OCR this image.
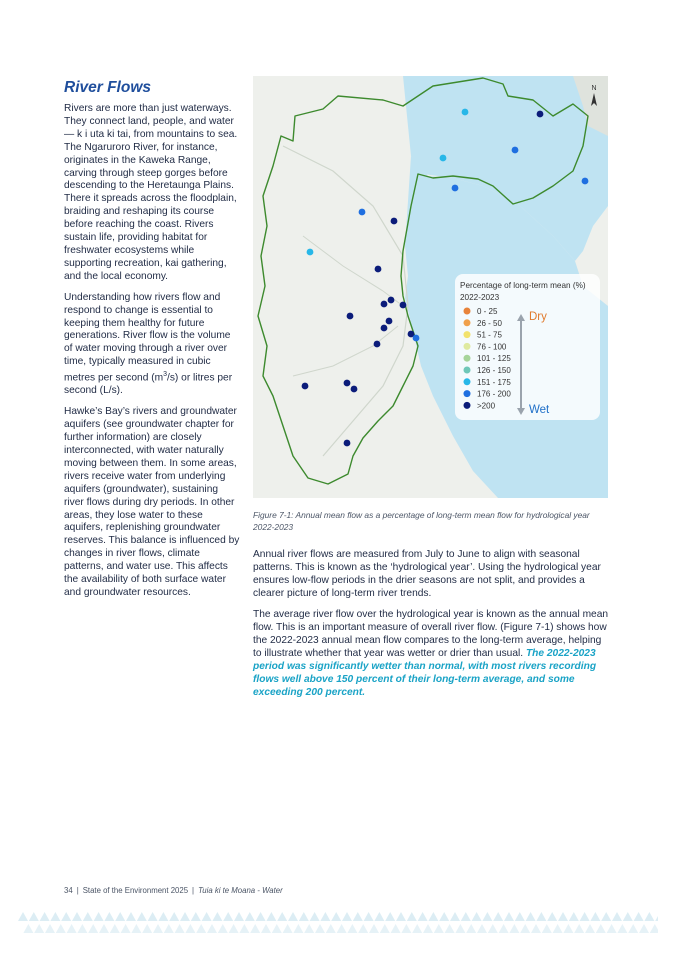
River Flows

Rivers are more than just waterways. They connect land, people, and water — k i uta ki tai, from mountains to sea. The Ngaruroro River, for instance, originates in the Kaweka Range, carving through steep gorges before descending to the Heretaunga Plains. There it spreads across the floodplain, braiding and reshaping its course before reaching the coast. Rivers sustain life, providing habitat for freshwater ecosystems while supporting recreation, kai gathering, and the local economy.

Understanding how rivers flow and respond to change is essential to keeping them healthy for future generations. River flow is the volume of water moving through a river over time, typically measured in cubic metres per second $(m^3/s)$ or litres per second (L/s).

Hawke’s Bay’s rivers and groundwater aquifers (see groundwater chapter for further information) are closely interconnected, with water naturally moving between them. In some areas, rivers receive water from underlying aquifers (groundwater), sustaining river flows during dry periods. In other areas, they lose water to these aquifers, replenishing groundwater reserves. This balance is influenced by changes in river flows, climate patterns, and water use. This affects the availability of both surface water and groundwater resources.

N
Percentage of long-term mean (%)
2022-2023
0 - 25
26 - 50
51 - 75
76 - 100
101 - 125
126 - 150
151 - 175
176 - 200
>200
Dry
Wet

Figure 7-1: Annual mean flow as a percentage of long-term mean flow for hydrological year 2022-2023

Annual river flows are measured from July to June to align with seasonal patterns. This is known as the ‘hydrological year’. Using the hydrological year ensures low-flow periods in the drier seasons are not split, and provides a clearer picture of long-term river trends.

The average river flow over the hydrological year is known as the annual mean flow. This is an important measure of overall river flow. (Figure 7-1) shows how the 2022-2023 annual mean flow compares to the long-term average, helping to illustrate whether that year was wetter or drier than usual. The 2022-2023 period was significantly wetter than normal, with most rivers recording flows well above 150 percent of their long-term average, and some exceeding 200 percent.

34 | State of the Environment 2025 | Tuia ki te Moana - Water
